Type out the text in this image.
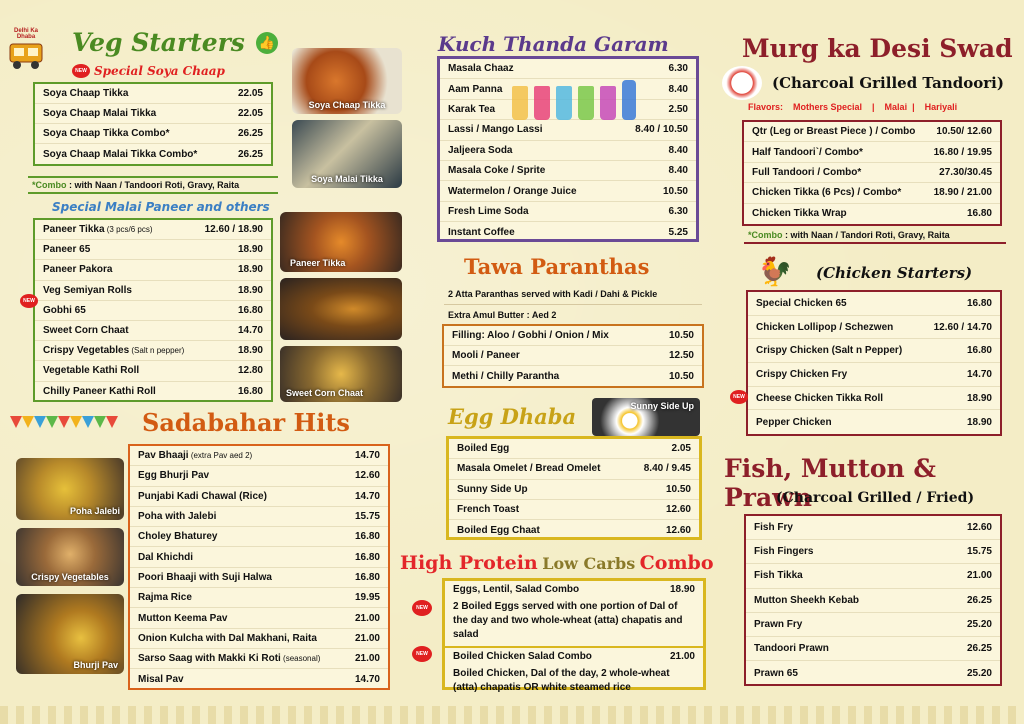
Delhi Ka Dhaba	Veg Starters 👍
NEW Special Soya Chaap
Soya Chaap Tikka	22.05
Soya Chaap Malai Tikka	22.05
Soya Chaap Tikka Combo*	26.25
Soya Chaap Malai Tikka Combo*	26.25
*Combo : with Naan / Tandoori Roti, Gravy, Raita
Special Malai Paneer and others
Paneer Tikka (3 pcs/6 pcs)	12.60 / 18.90
Paneer 65	18.90
Paneer Pakora	18.90
Veg Semiyan Rolls	18.90
Gobhi 65	16.80
Sweet Corn Chaat	14.70
Crispy Vegetables (Salt n pepper)	18.90
Vegetable Kathi Roll	12.80
Chilly Paneer Kathi Roll	16.80
NEW
Soya Chaap Tikka
Soya Malai Tikka
Paneer Tikka
Sweet Corn Chaat
Sadabahar Hits
Pav Bhaaji (extra Pav aed 2)	14.70
Egg Bhurji Pav	12.60
Punjabi Kadi Chawal (Rice)	14.70
Poha with Jalebi	15.75
Choley Bhaturey	16.80
Dal Khichdi	16.80
Poori Bhaaji with Suji Halwa	16.80
Rajma Rice	19.95
Mutton Keema Pav	21.00
Onion Kulcha with Dal Makhani, Raita	21.00
Sarso Saag with Makki Ki Roti (seasonal)	21.00
Misal Pav	14.70
Poha Jalebi
Crispy Vegetables
Bhurji Pav
Kuch Thanda Garam
Masala Chaaz	6.30
Aam Panna	8.40
Karak Tea	2.50
Lassi / Mango Lassi	8.40 / 10.50
Jaljeera Soda	8.40
Masala Coke / Sprite	8.40
Watermelon / Orange Juice	10.50
Fresh Lime Soda	6.30
Instant Coffee	5.25
Tawa Paranthas
2 Atta Paranthas served with Kadi / Dahi & Pickle
Extra Amul Butter : Aed 2
Filling: Aloo / Gobhi / Onion / Mix	10.50
Mooli / Paneer	12.50
Methi / Chilly Parantha	10.50
Egg Dhaba	Sunny Side Up
Boiled Egg	2.05
Masala Omelet / Bread Omelet	8.40 / 9.45
Sunny Side Up	10.50
French Toast	12.60
Boiled Egg Chaat	12.60
High Protein Low Carbs Combo
Eggs, Lentil, Salad Combo	18.90
2 Boiled Eggs served with one portion of Dal of the day and two whole-wheat (atta) chapatis and salad
Boiled Chicken Salad Combo	21.00
Boiled Chicken, Dal of the day, 2 whole-wheat (atta) chapatis OR white steamed rice
NEW
NEW
Murg ka Desi Swad
(Charcoal Grilled Tandoori)
Flavors:    Mothers Special    |    Malai  |    Hariyali
Qtr (Leg or Breast Piece ) / Combo	10.50/ 12.60
Half Tandoori`/ Combo*	16.80 / 19.95
Full Tandoori / Combo*	27.30/30.45
Chicken Tikka (6 Pcs) / Combo*	18.90 / 21.00
Chicken Tikka Wrap	16.80
*Combo : with Naan / Tandori Roti, Gravy, Raita
🐓	(Chicken Starters)
Special Chicken 65	16.80
Chicken Lollipop / Schezwen	12.60 / 14.70
Crispy Chicken (Salt n Pepper)	16.80
Crispy Chicken Fry	14.70
Cheese Chicken Tikka Roll	18.90
Pepper Chicken	18.90
NEW
Fish, Mutton & Prawn
(Charcoal Grilled / Fried)
Fish Fry	12.60
Fish Fingers	15.75
Fish Tikka	21.00
Mutton Sheekh Kebab	26.25
Prawn Fry	25.20
Tandoori Prawn	26.25
Prawn 65	25.20
